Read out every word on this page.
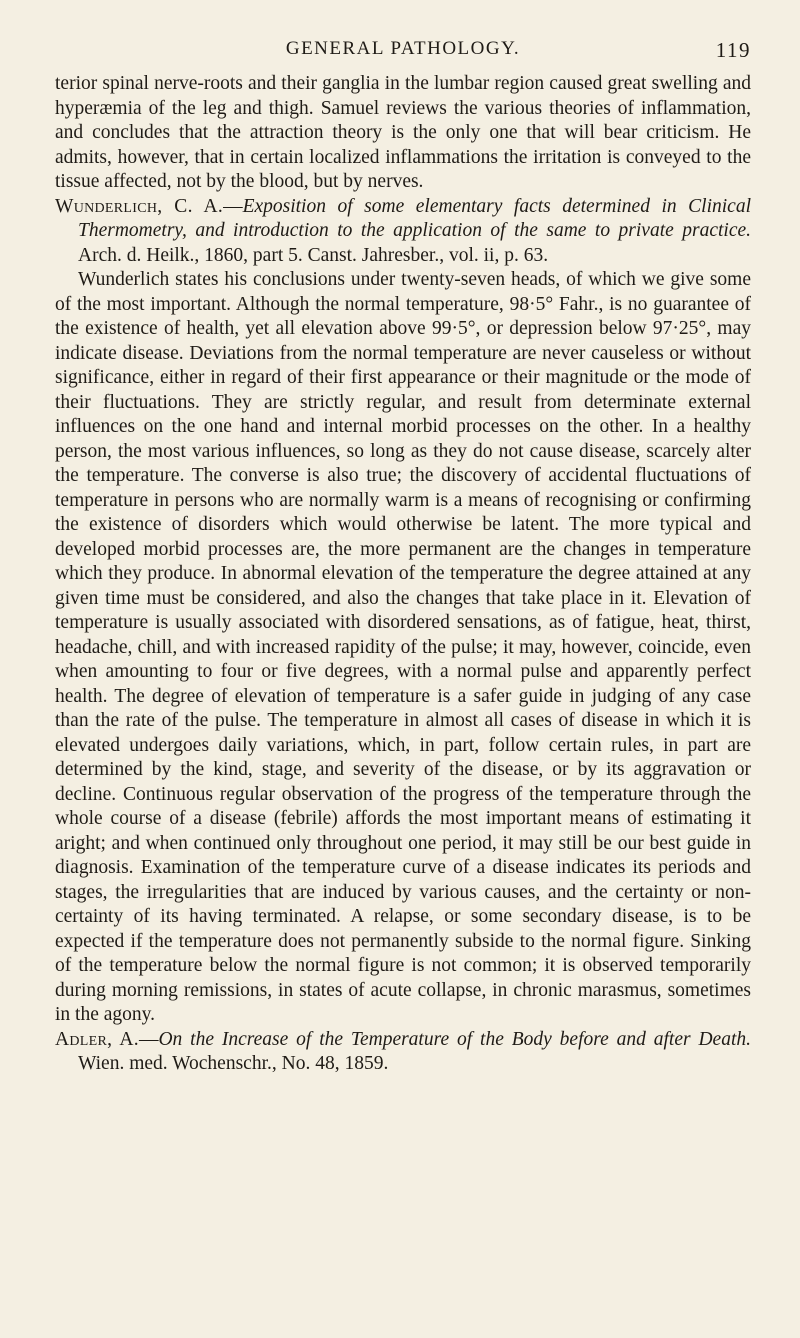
GENERAL PATHOLOGY.	119

terior spinal nerve-roots and their ganglia in the lumbar region caused great swelling and hyperæmia of the leg and thigh. Samuel reviews the various theories of inflammation, and concludes that the attraction theory is the only one that will bear criticism. He admits, however, that in certain localized inflammations the irritation is conveyed to the tissue affected, not by the blood, but by nerves.

Wunderlich, C. A.—Exposition of some elementary facts determined in Clinical Thermometry, and introduction to the application of the same to private practice. Arch. d. Heilk., 1860, part 5. Canst. Jahresber., vol. ii, p. 63.

Wunderlich states his conclusions under twenty-seven heads, of which we give some of the most important. Although the normal temperature, 98·5° Fahr., is no guarantee of the existence of health, yet all elevation above 99·5°, or depression below 97·25°, may indicate disease. Deviations from the normal temperature are never causeless or without significance, either in regard of their first appearance or their magnitude or the mode of their fluctuations. They are strictly regular, and result from determinate external influences on the one hand and internal morbid processes on the other. In a healthy person, the most various influences, so long as they do not cause disease, scarcely alter the temperature. The converse is also true; the discovery of accidental fluctuations of temperature in persons who are normally warm is a means of recognising or confirming the existence of disorders which would otherwise be latent. The more typical and developed morbid processes are, the more permanent are the changes in temperature which they produce. In abnormal elevation of the temperature the degree attained at any given time must be considered, and also the changes that take place in it. Elevation of temperature is usually associated with disordered sensations, as of fatigue, heat, thirst, headache, chill, and with increased rapidity of the pulse; it may, however, coincide, even when amounting to four or five degrees, with a normal pulse and apparently perfect health. The degree of elevation of temperature is a safer guide in judging of any case than the rate of the pulse. The temperature in almost all cases of disease in which it is elevated undergoes daily variations, which, in part, follow certain rules, in part are determined by the kind, stage, and severity of the disease, or by its aggravation or decline. Continuous regular observation of the progress of the temperature through the whole course of a disease (febrile) affords the most important means of estimating it aright; and when continued only throughout one period, it may still be our best guide in diagnosis. Examination of the temperature curve of a disease indicates its periods and stages, the irregularities that are induced by various causes, and the certainty or non-certainty of its having terminated. A relapse, or some secondary disease, is to be expected if the temperature does not permanently subside to the normal figure. Sinking of the temperature below the normal figure is not common; it is observed temporarily during morning remissions, in states of acute collapse, in chronic marasmus, sometimes in the agony.

Adler, A.—On the Increase of the Temperature of the Body before and after Death. Wien. med. Wochenschr., No. 48, 1859.
